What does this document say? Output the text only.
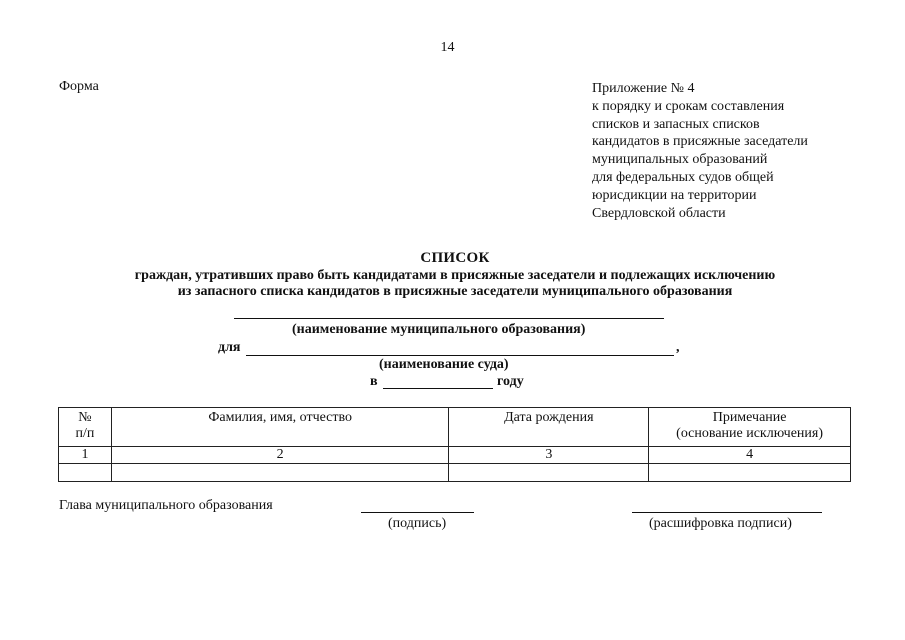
14
Форма	Приложение № 4
к порядку и срокам составления
списков и запасных списков
кандидатов в присяжные заседатели
муниципальных образований
для федеральных судов общей
юрисдикции на территории
Свердловской области
СПИСОК
граждан, утративших право быть кандидатами в присяжные заседатели и подлежащих исключению
из запасного списка кандидатов в присяжные заседатели муниципального образования
(наименование муниципального образования)
для	,
(наименование суда)
в	году
№
п/п	Фамилия, имя, отчество	Дата рождения	Примечание
(основание исключения)
1	2	3	4

Глава муниципального образования
(подпись)	(расшифровка подписи)
